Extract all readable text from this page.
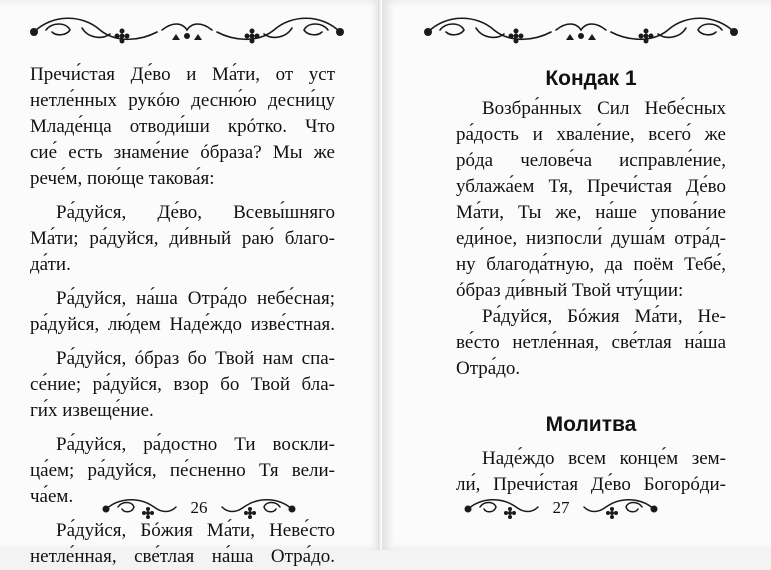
Пречи́стая Де́во и Ма́ти, от уст
нетле́нных рукóю десню́ю десни́цу
Младе́нца отводи́ши крóтко. Что
сие́ есть знаме́ние óбраза? Мы же
рече́м, пою́ще такова́я:
Ра́дуйся, Де́во, Всевы́шняго
Ма́ти; ра́дуйся, ди́вный раю́ благо-
да́ти.
Ра́дуйся, на́ша Отра́до небе́сная;
ра́дуйся, лю́дем Наде́ждо изве́стная.
Ра́дуйся, óбраз бо Твой нам спа-
се́ние; ра́дуйся, взор бо Твой бла-
ги́х извеще́ние.
Ра́дуйся, ра́достно Ти воскли-
ца́ем; ра́дуйся, пе́сненно Тя вели-
ча́ем.
Ра́дуйся, Бóжия Ма́ти, Неве́сто
нетле́нная, све́тлая на́ша Отра́до.
26
Кондак 1
Возбра́нных Сил Небе́сных
ра́дость и хвале́ние, всего́ же
рóда челове́ча исправле́ние,
ублажа́ем Тя, Пречи́стая Де́во
Ма́ти, Ты же, на́ше упова́ние
еди́ное, низпосли́ душа́м отра́д-
ну благода́тную, да поём Тебе́,
óбраз ди́вный Твой чту́щии:
Ра́дуйся, Бóжия Ма́ти, Не-
ве́сто нетле́нная, све́тлая на́ша
Отра́до.
Молитва
Наде́ждо всем конце́м зем-
ли́, Пречи́стая Де́во Богорóди-
27
